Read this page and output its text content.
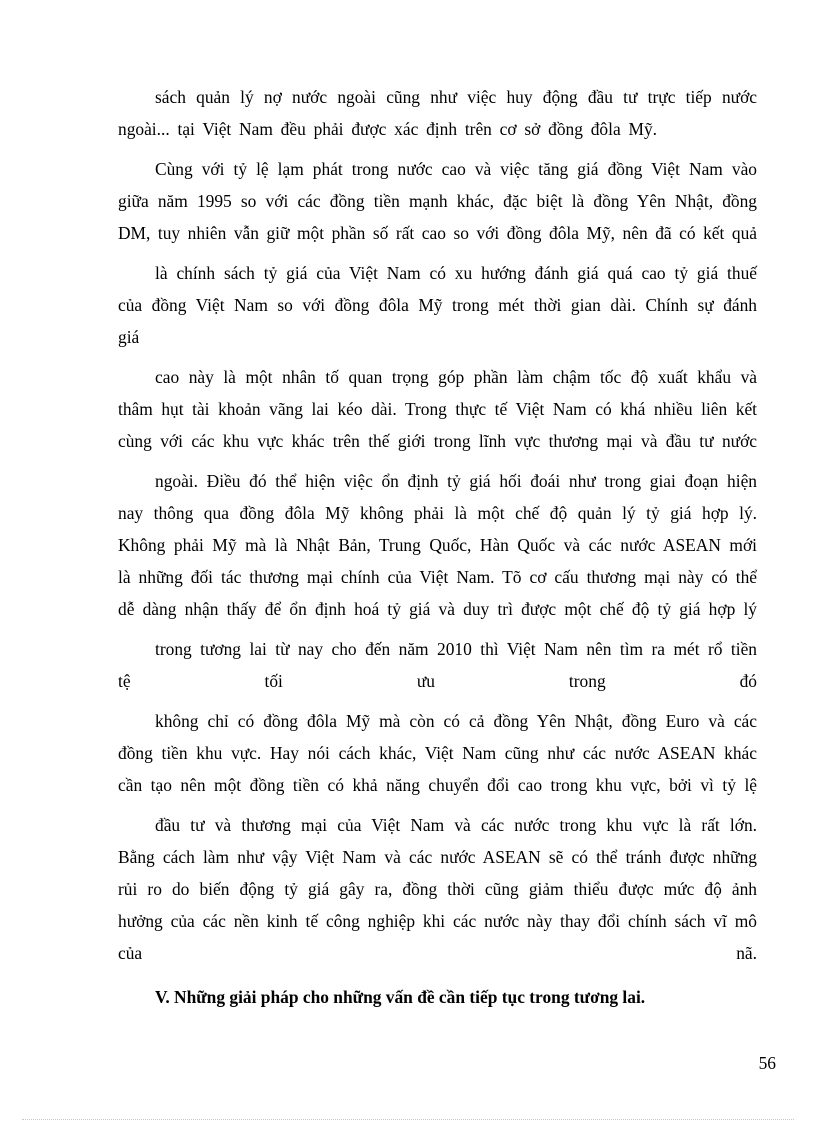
sách quản lý nợ nước ngoài cũng như việc huy động đầu tư trực tiếp nước
ngoài... tại Việt Nam đều phải được xác định trên cơ sở đồng đôla Mỹ.
Cùng với tỷ lệ lạm phát trong nước cao và việc tăng giá đồng Việt Nam vào
giữa năm 1995 so với các đồng tiền mạnh khác, đặc biệt là đồng Yên Nhật, đồng
DM, tuy nhiên vẫn giữ một phần số rất cao so với đồng đôla Mỹ, nên đã có kết quả
là chính sách tỷ giá của Việt Nam có xu hướng đánh giá quá cao tỷ giá thuế
của đồng Việt Nam so với đồng đôla Mỹ trong mét thời gian dài. Chính sự đánh
giá
cao này là một nhân tố quan trọng góp phần làm chậm tốc độ xuất khẩu và
thâm hụt tài khoản vãng lai kéo dài. Trong thực tế Việt Nam có khá nhiều liên kết
cùng với các khu vực khác trên thế giới trong lĩnh vực thương mại và đầu tư nước
ngoài. Điều đó thể hiện việc ổn định tỷ giá hối đoái như trong giai đoạn hiện
nay thông qua đồng đôla Mỹ không phải là một chế độ quản lý tỷ giá hợp lý.
Không phải Mỹ mà là Nhật Bản, Trung Quốc, Hàn Quốc và các nước ASEAN mới
là những đối tác thương mại chính của Việt Nam. Tõ cơ cấu thương mại này có thể
dễ dàng nhận thấy để ổn định hoá tỷ giá và duy trì được một chế độ tỷ giá hợp lý
trong tương lai từ nay cho đến năm 2010 thì Việt Nam nên tìm ra mét rổ tiền
tệ tối ưu trong đó
không chỉ có đồng đôla Mỹ mà còn có cả đồng Yên Nhật, đồng Euro và các
đồng tiền khu vực. Hay nói cách khác, Việt Nam cũng như các nước ASEAN khác
cần tạo nên một đồng tiền có khả năng chuyển đổi cao trong khu vực, bởi vì tỷ lệ
đầu tư và thương mại của Việt Nam và các nước trong khu vực là rất lớn.
Bằng cách làm như vậy Việt Nam và các nước ASEAN sẽ có thể tránh được những
rủi ro do biến động tỷ giá gây ra, đồng thời cũng giảm thiểu được mức độ ảnh
hưởng của các nền kinh tế công nghiệp khi các nước này thay đổi chính sách vĩ mô
của nã.
V. Những giải pháp cho những vấn đề cần tiếp tục trong tương lai.
56
